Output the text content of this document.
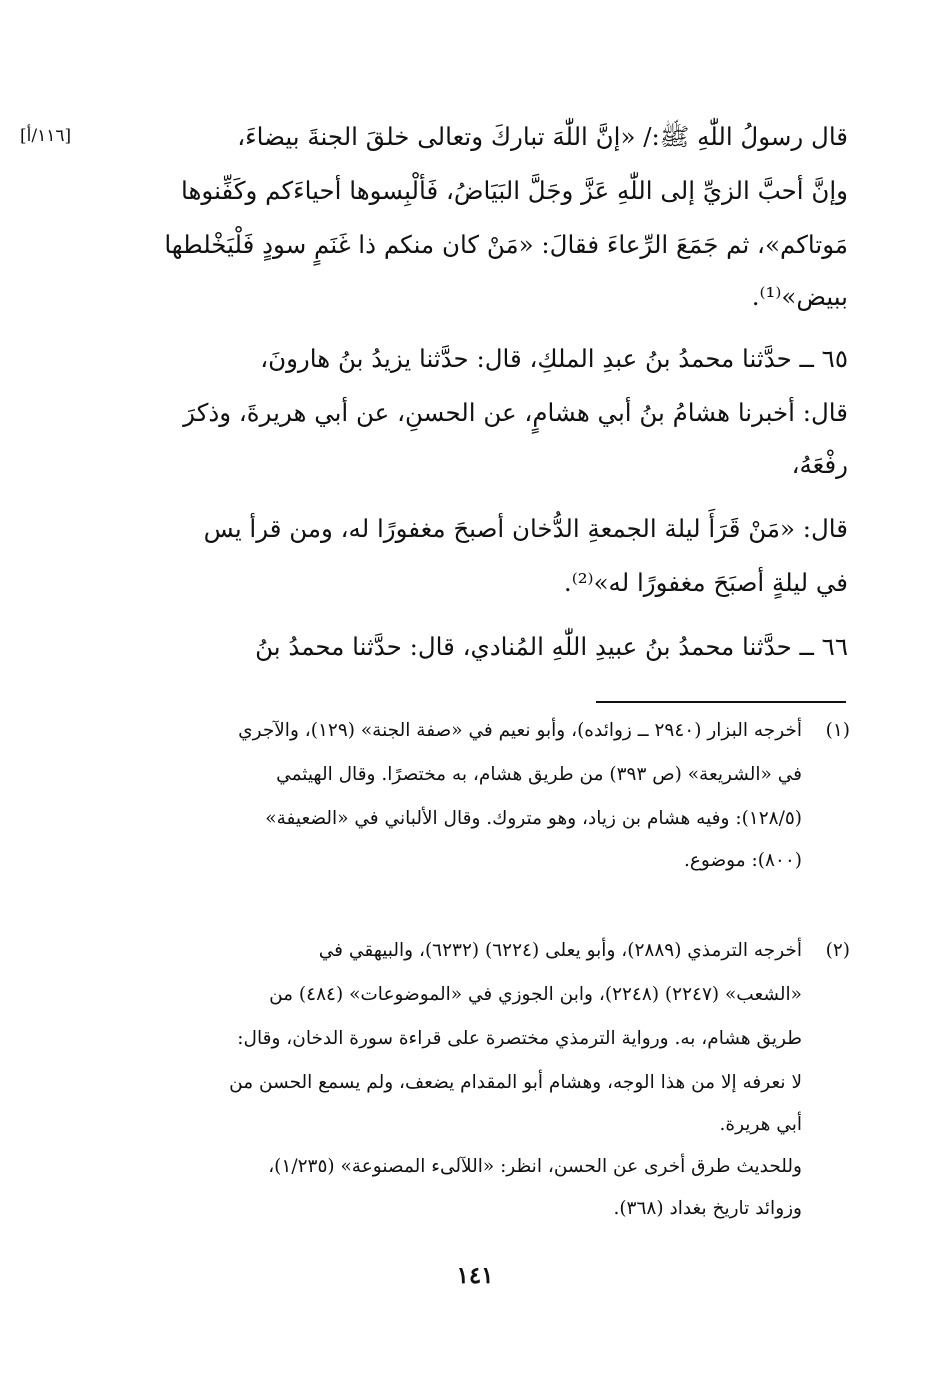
[١١٦/أ]	قال رسولُ اللّٰهِ ﷺ:/ «إنَّ اللّٰهَ تباركَ وتعالى خلقَ الجنةَ بيضاءَ،
وإنَّ أحبَّ الزيِّ إلى اللّٰهِ عَزَّ وجَلَّ البَيَاضُ، فَألْبِسوها أحياءَكم وكَفِّنوها
مَوتاكم»، ثم جَمَعَ الرِّعاءَ فقالَ: «مَنْ كان منكم ذا غَنَمٍ سودٍ فَلْيَخْلطها
ببيض»⁽¹⁾.
٦٥ ــ حدَّثنا محمدُ بنُ عبدِ الملكِ، قال: حدَّثنا يزيدُ بنُ هارونَ،
قال: أخبرنا هشامُ بنُ أبي هشامٍ، عن الحسنِ، عن أبي هريرةَ، وذكرَ
رفْعَهُ،
قال: «مَنْ قَرَأَ ليلة الجمعةِ الدُّخان أصبحَ مغفورًا له، ومن قرأ يس
في ليلةٍ أصبَحَ مغفورًا له»⁽²⁾.
٦٦ ــ حدَّثنا محمدُ بنُ عبيدِ اللّٰهِ المُنادي، قال: حدَّثنا محمدُ بنُ
(١)
أخرجه البزار (٢٩٤٠ ــ زوائده)، وأبو نعيم في «صفة الجنة» (١٢٩)، والآجري
في «الشريعة» (ص ٣٩٣) من طريق هشام، به مختصرًا. وقال الهيثمي
(١٢٨/٥): وفيه هشام بن زياد، وهو متروك. وقال الألباني في «الضعيفة»
(٨٠٠): موضوع.
(٢)
أخرجه الترمذي (٢٨٨٩)، وأبو يعلى (٦٢٢٤) (٦٢٣٢)، والبيهقي في
«الشعب» (٢٢٤٧) (٢٢٤٨)، وابن الجوزي في «الموضوعات» (٤٨٤) من
طريق هشام، به. ورواية الترمذي مختصرة على قراءة سورة الدخان، وقال:
لا نعرفه إلا من هذا الوجه، وهشام أبو المقدام يضعف، ولم يسمع الحسن من
أبي هريرة.
وللحديث طرق أخرى عن الحسن، انظر: «اللآلىء المصنوعة» (١/٢٣٥)،
وزوائد تاريخ بغداد (٣٦٨).
١٤١
